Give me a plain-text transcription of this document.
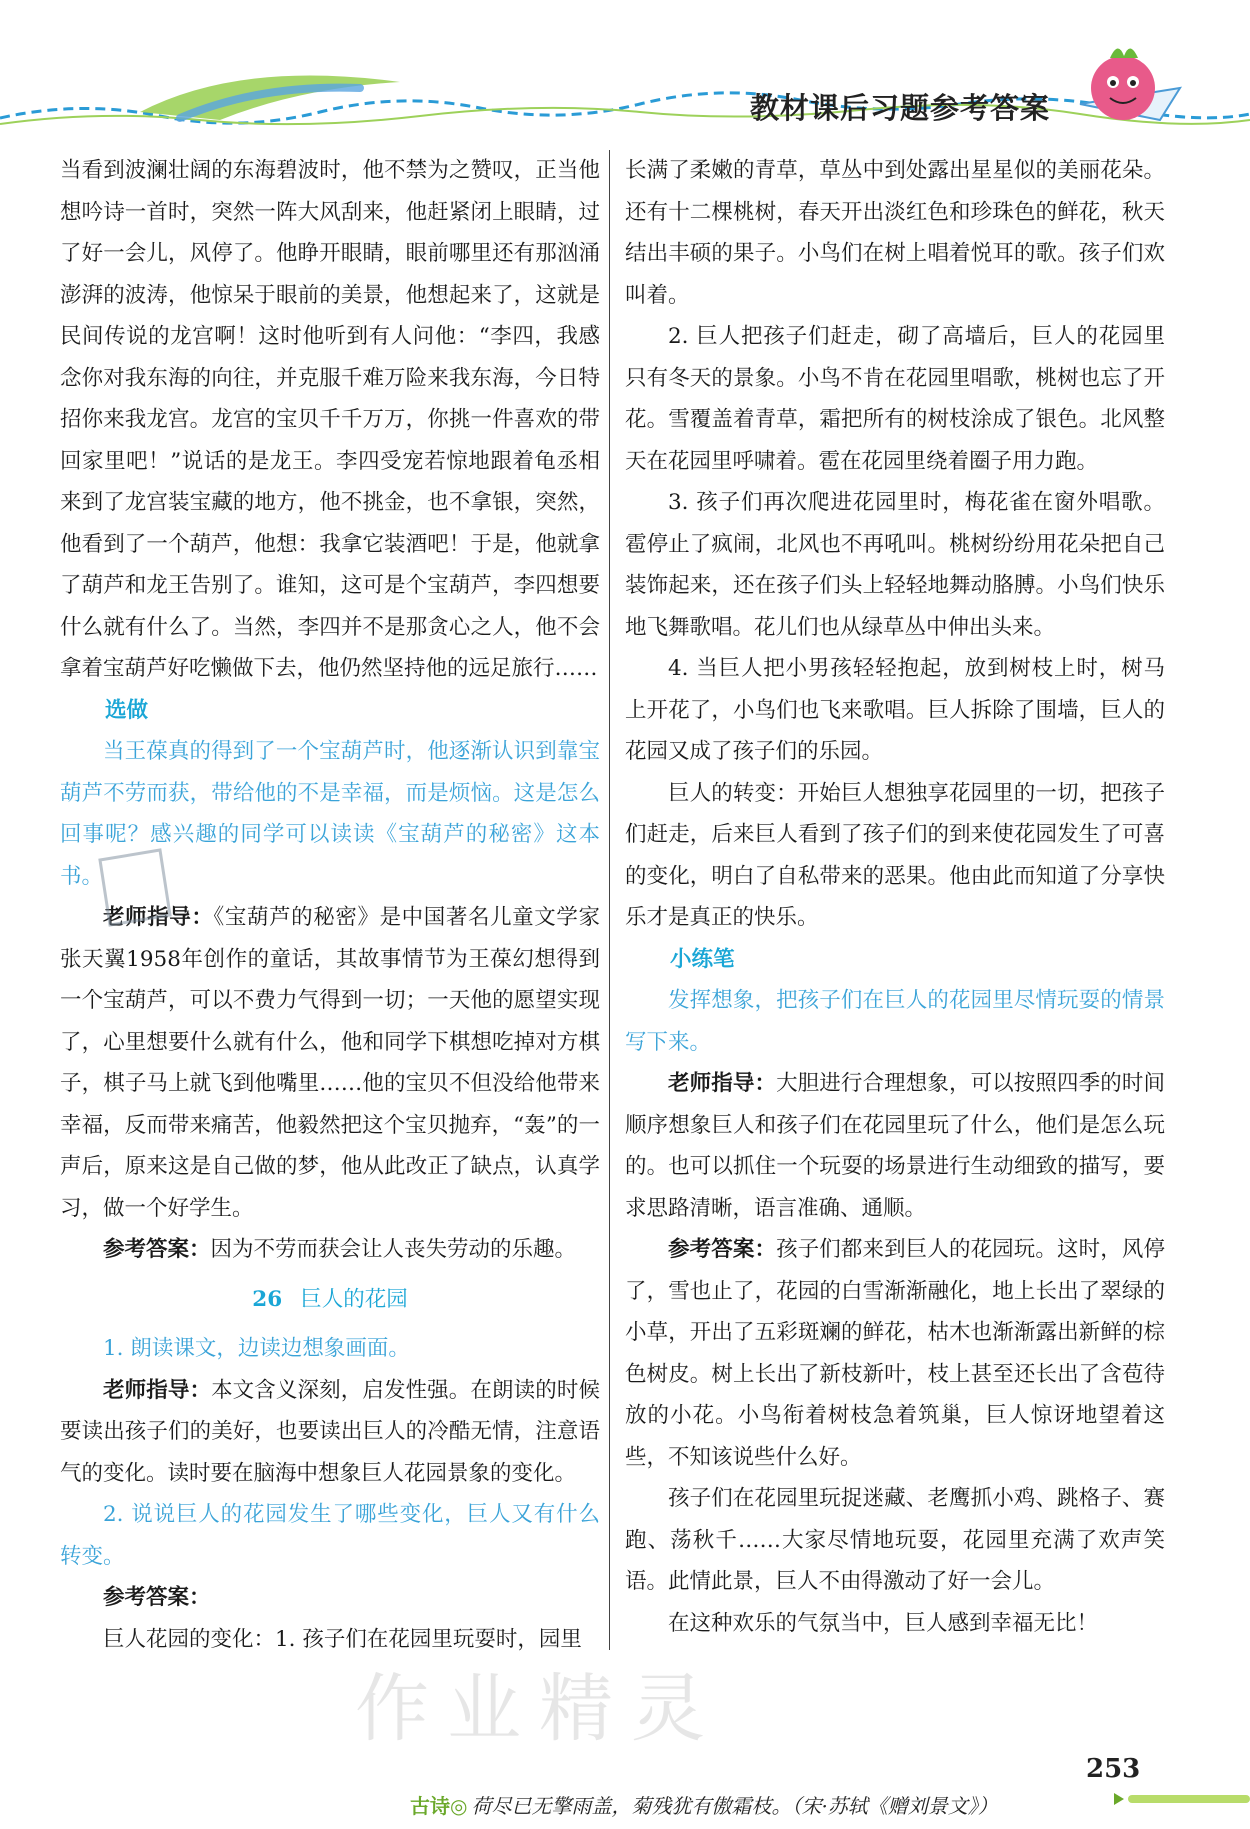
教材课后习题参考答案

当看到波澜壮阔的东海碧波时，他不禁为之赞叹，正当他想吟诗一首时，突然一阵大风刮来，他赶紧闭上眼睛，过了好一会儿，风停了。他睁开眼睛，眼前哪里还有那汹涌澎湃的波涛，他惊呆于眼前的美景，他想起来了，这就是民间传说的龙宫啊！这时他听到有人问他：“李四，我感念你对我东海的向往，并克服千难万险来我东海，今日特招你来我龙宫。龙宫的宝贝千千万万，你挑一件喜欢的带回家里吧！”说话的是龙王。李四受宠若惊地跟着龟丞相来到了龙宫装宝藏的地方，他不挑金，也不拿银，突然，他看到了一个葫芦，他想：我拿它装酒吧！于是，他就拿了葫芦和龙王告别了。谁知，这可是个宝葫芦，李四想要什么就有什么了。当然，李四并不是那贪心之人，他不会拿着宝葫芦好吃懒做下去，他仍然坚持他的远足旅行……

选做

当王葆真的得到了一个宝葫芦时，他逐渐认识到靠宝葫芦不劳而获，带给他的不是幸福，而是烦恼。这是怎么回事呢？感兴趣的同学可以读读《宝葫芦的秘密》这本书。

老师指导：《宝葫芦的秘密》是中国著名儿童文学家张天翼1958年创作的童话，其故事情节为王葆幻想得到一个宝葫芦，可以不费力气得到一切；一天他的愿望实现了，心里想要什么就有什么，他和同学下棋想吃掉对方棋子，棋子马上就飞到他嘴里……他的宝贝不但没给他带来幸福，反而带来痛苦，他毅然把这个宝贝抛弃，“轰”的一声后，原来这是自己做的梦，他从此改正了缺点，认真学习，做一个好学生。

参考答案：因为不劳而获会让人丧失劳动的乐趣。

26 巨人的花园

1. 朗读课文，边读边想象画面。

老师指导：本文含义深刻，启发性强。在朗读的时候要读出孩子们的美好，也要读出巨人的冷酷无情，注意语气的变化。读时要在脑海中想象巨人花园景象的变化。

2. 说说巨人的花园发生了哪些变化，巨人又有什么转变。

参考答案：

巨人花园的变化：1. 孩子们在花园里玩耍时，园里

长满了柔嫩的青草，草丛中到处露出星星似的美丽花朵。还有十二棵桃树，春天开出淡红色和珍珠色的鲜花，秋天结出丰硕的果子。小鸟们在树上唱着悦耳的歌。孩子们欢叫着。

2. 巨人把孩子们赶走，砌了高墙后，巨人的花园里只有冬天的景象。小鸟不肯在花园里唱歌，桃树也忘了开花。雪覆盖着青草，霜把所有的树枝涂成了银色。北风整天在花园里呼啸着。雹在花园里绕着圈子用力跑。

3. 孩子们再次爬进花园里时，梅花雀在窗外唱歌。雹停止了疯闹，北风也不再吼叫。桃树纷纷用花朵把自己装饰起来，还在孩子们头上轻轻地舞动胳膊。小鸟们快乐地飞舞歌唱。花儿们也从绿草丛中伸出头来。

4. 当巨人把小男孩轻轻抱起，放到树枝上时，树马上开花了，小鸟们也飞来歌唱。巨人拆除了围墙，巨人的花园又成了孩子们的乐园。

巨人的转变：开始巨人想独享花园里的一切，把孩子们赶走，后来巨人看到了孩子们的到来使花园发生了可喜的变化，明白了自私带来的恶果。他由此而知道了分享快乐才是真正的快乐。

小练笔

发挥想象，把孩子们在巨人的花园里尽情玩耍的情景写下来。

老师指导：大胆进行合理想象，可以按照四季的时间顺序想象巨人和孩子们在花园里玩了什么，他们是怎么玩的。也可以抓住一个玩耍的场景进行生动细致的描写，要求思路清晰，语言准确、通顺。

参考答案：孩子们都来到巨人的花园玩。这时，风停了，雪也止了，花园的白雪渐渐融化，地上长出了翠绿的小草，开出了五彩斑斓的鲜花，枯木也渐渐露出新鲜的棕色树皮。树上长出了新枝新叶，枝上甚至还长出了含苞待放的小花。小鸟衔着树枝急着筑巢，巨人惊讶地望着这些，不知该说些什么好。

孩子们在花园里玩捉迷藏、老鹰抓小鸡、跳格子、赛跑、荡秋千……大家尽情地玩耍，花园里充满了欢声笑语。此情此景，巨人不由得激动了好一会儿。

在这种欢乐的气氛当中，巨人感到幸福无比！

作业精灵
古诗◎ 荷尽已无擎雨盖，菊残犹有傲霜枝。（宋·苏轼《赠刘景文》）
253
